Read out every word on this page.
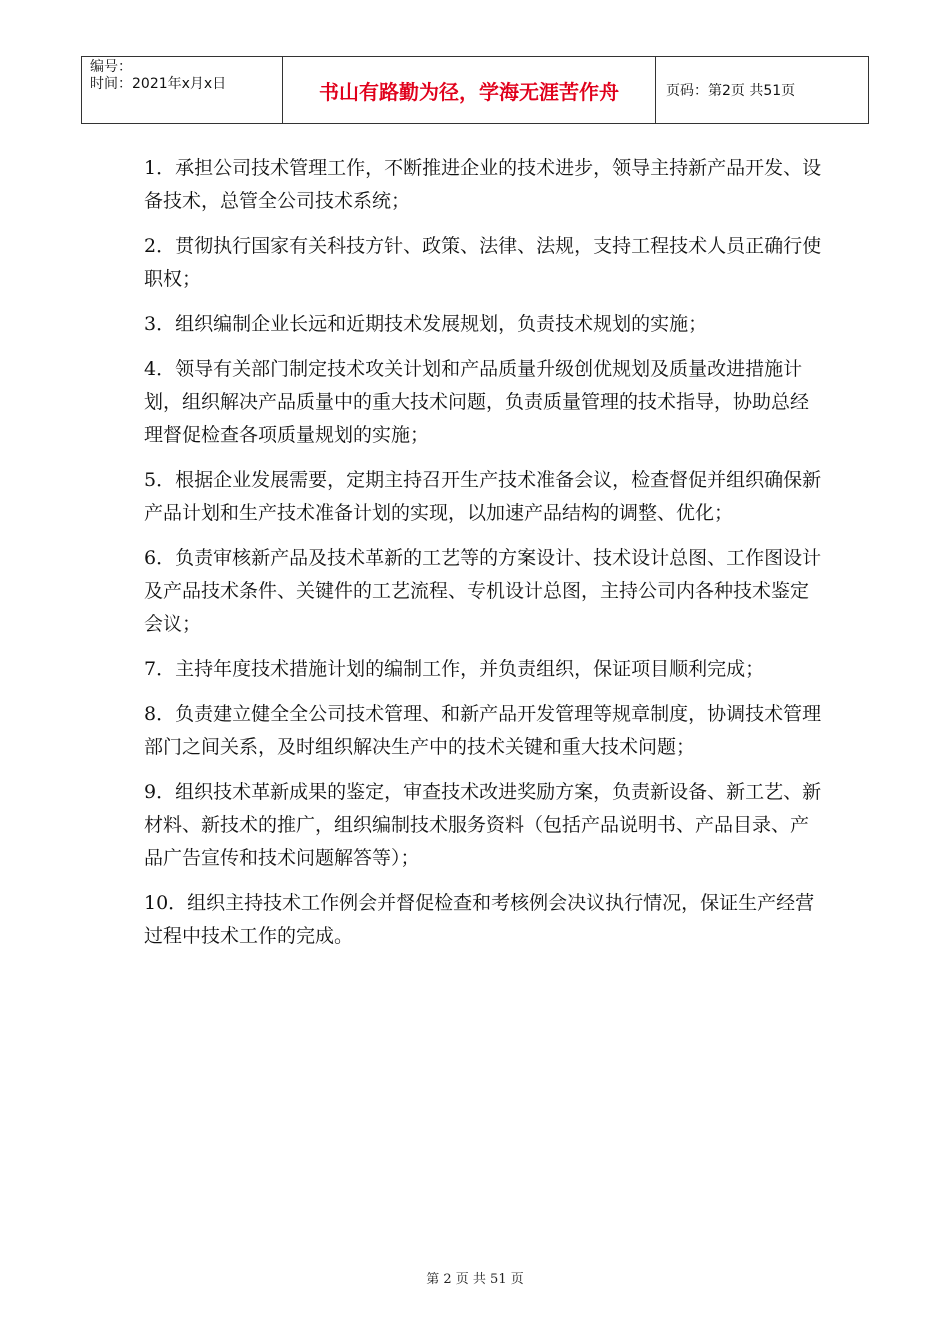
编号：
时间：2021年x月x日	书山有路勤为径，学海无涯苦作舟	页码：第2页 共51页

1．承担公司技术管理工作，不断推进企业的技术进步，领导主持新产品开发、设备技术，总管全公司技术系统；

2．贯彻执行国家有关科技方针、政策、法律、法规，支持工程技术人员正确行使职权；

3．组织编制企业长远和近期技术发展规划，负责技术规划的实施；

4．领导有关部门制定技术攻关计划和产品质量升级创优规划及质量改进措施计划，组织解决产品质量中的重大技术问题，负责质量管理的技术指导，协助总经理督促检查各项质量规划的实施；

5．根据企业发展需要，定期主持召开生产技术准备会议，检查督促并组织确保新产品计划和生产技术准备计划的实现，以加速产品结构的调整、优化；

6．负责审核新产品及技术革新的工艺等的方案设计、技术设计总图、工作图设计及产品技术条件、关键件的工艺流程、专机设计总图，主持公司内各种技术鉴定会议；

7．主持年度技术措施计划的编制工作，并负责组织，保证项目顺利完成；

8．负责建立健全全公司技术管理、和新产品开发管理等规章制度，协调技术管理部门之间关系，及时组织解决生产中的技术关键和重大技术问题；

9．组织技术革新成果的鉴定，审查技术改进奖励方案，负责新设备、新工艺、新材料、新技术的推广，组织编制技术服务资料（包括产品说明书、产品目录、产品广告宣传和技术问题解答等）；

10．组织主持技术工作例会并督促检查和考核例会决议执行情况，保证生产经营过程中技术工作的完成。

第 2 页 共 51 页
